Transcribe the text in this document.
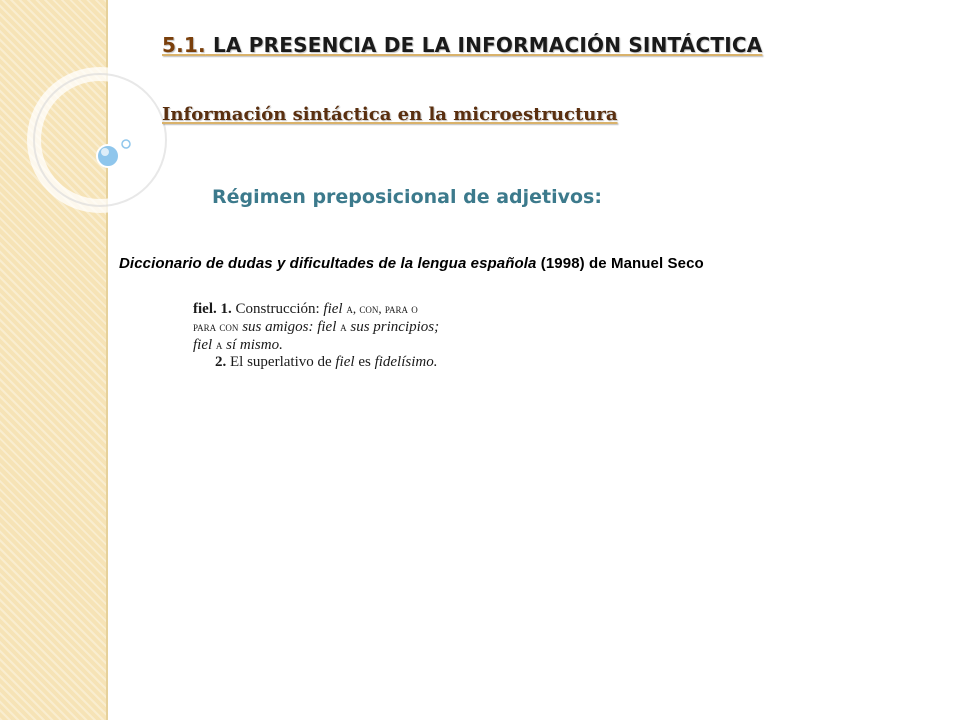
5.1. LA PRESENCIA DE LA INFORMACIÓN SINTÁCTICA
Información sintáctica en la microestructura
Régimen preposicional de adjetivos:
Diccionario de dudas y dificultades de la lengua española (1998) de Manuel Seco
fiel. 1. Construcción: fiel a, con, para o
para con sus amigos: fiel a sus principios;
fiel a sí mismo.
2. El superlativo de fiel es fidelísimo.
